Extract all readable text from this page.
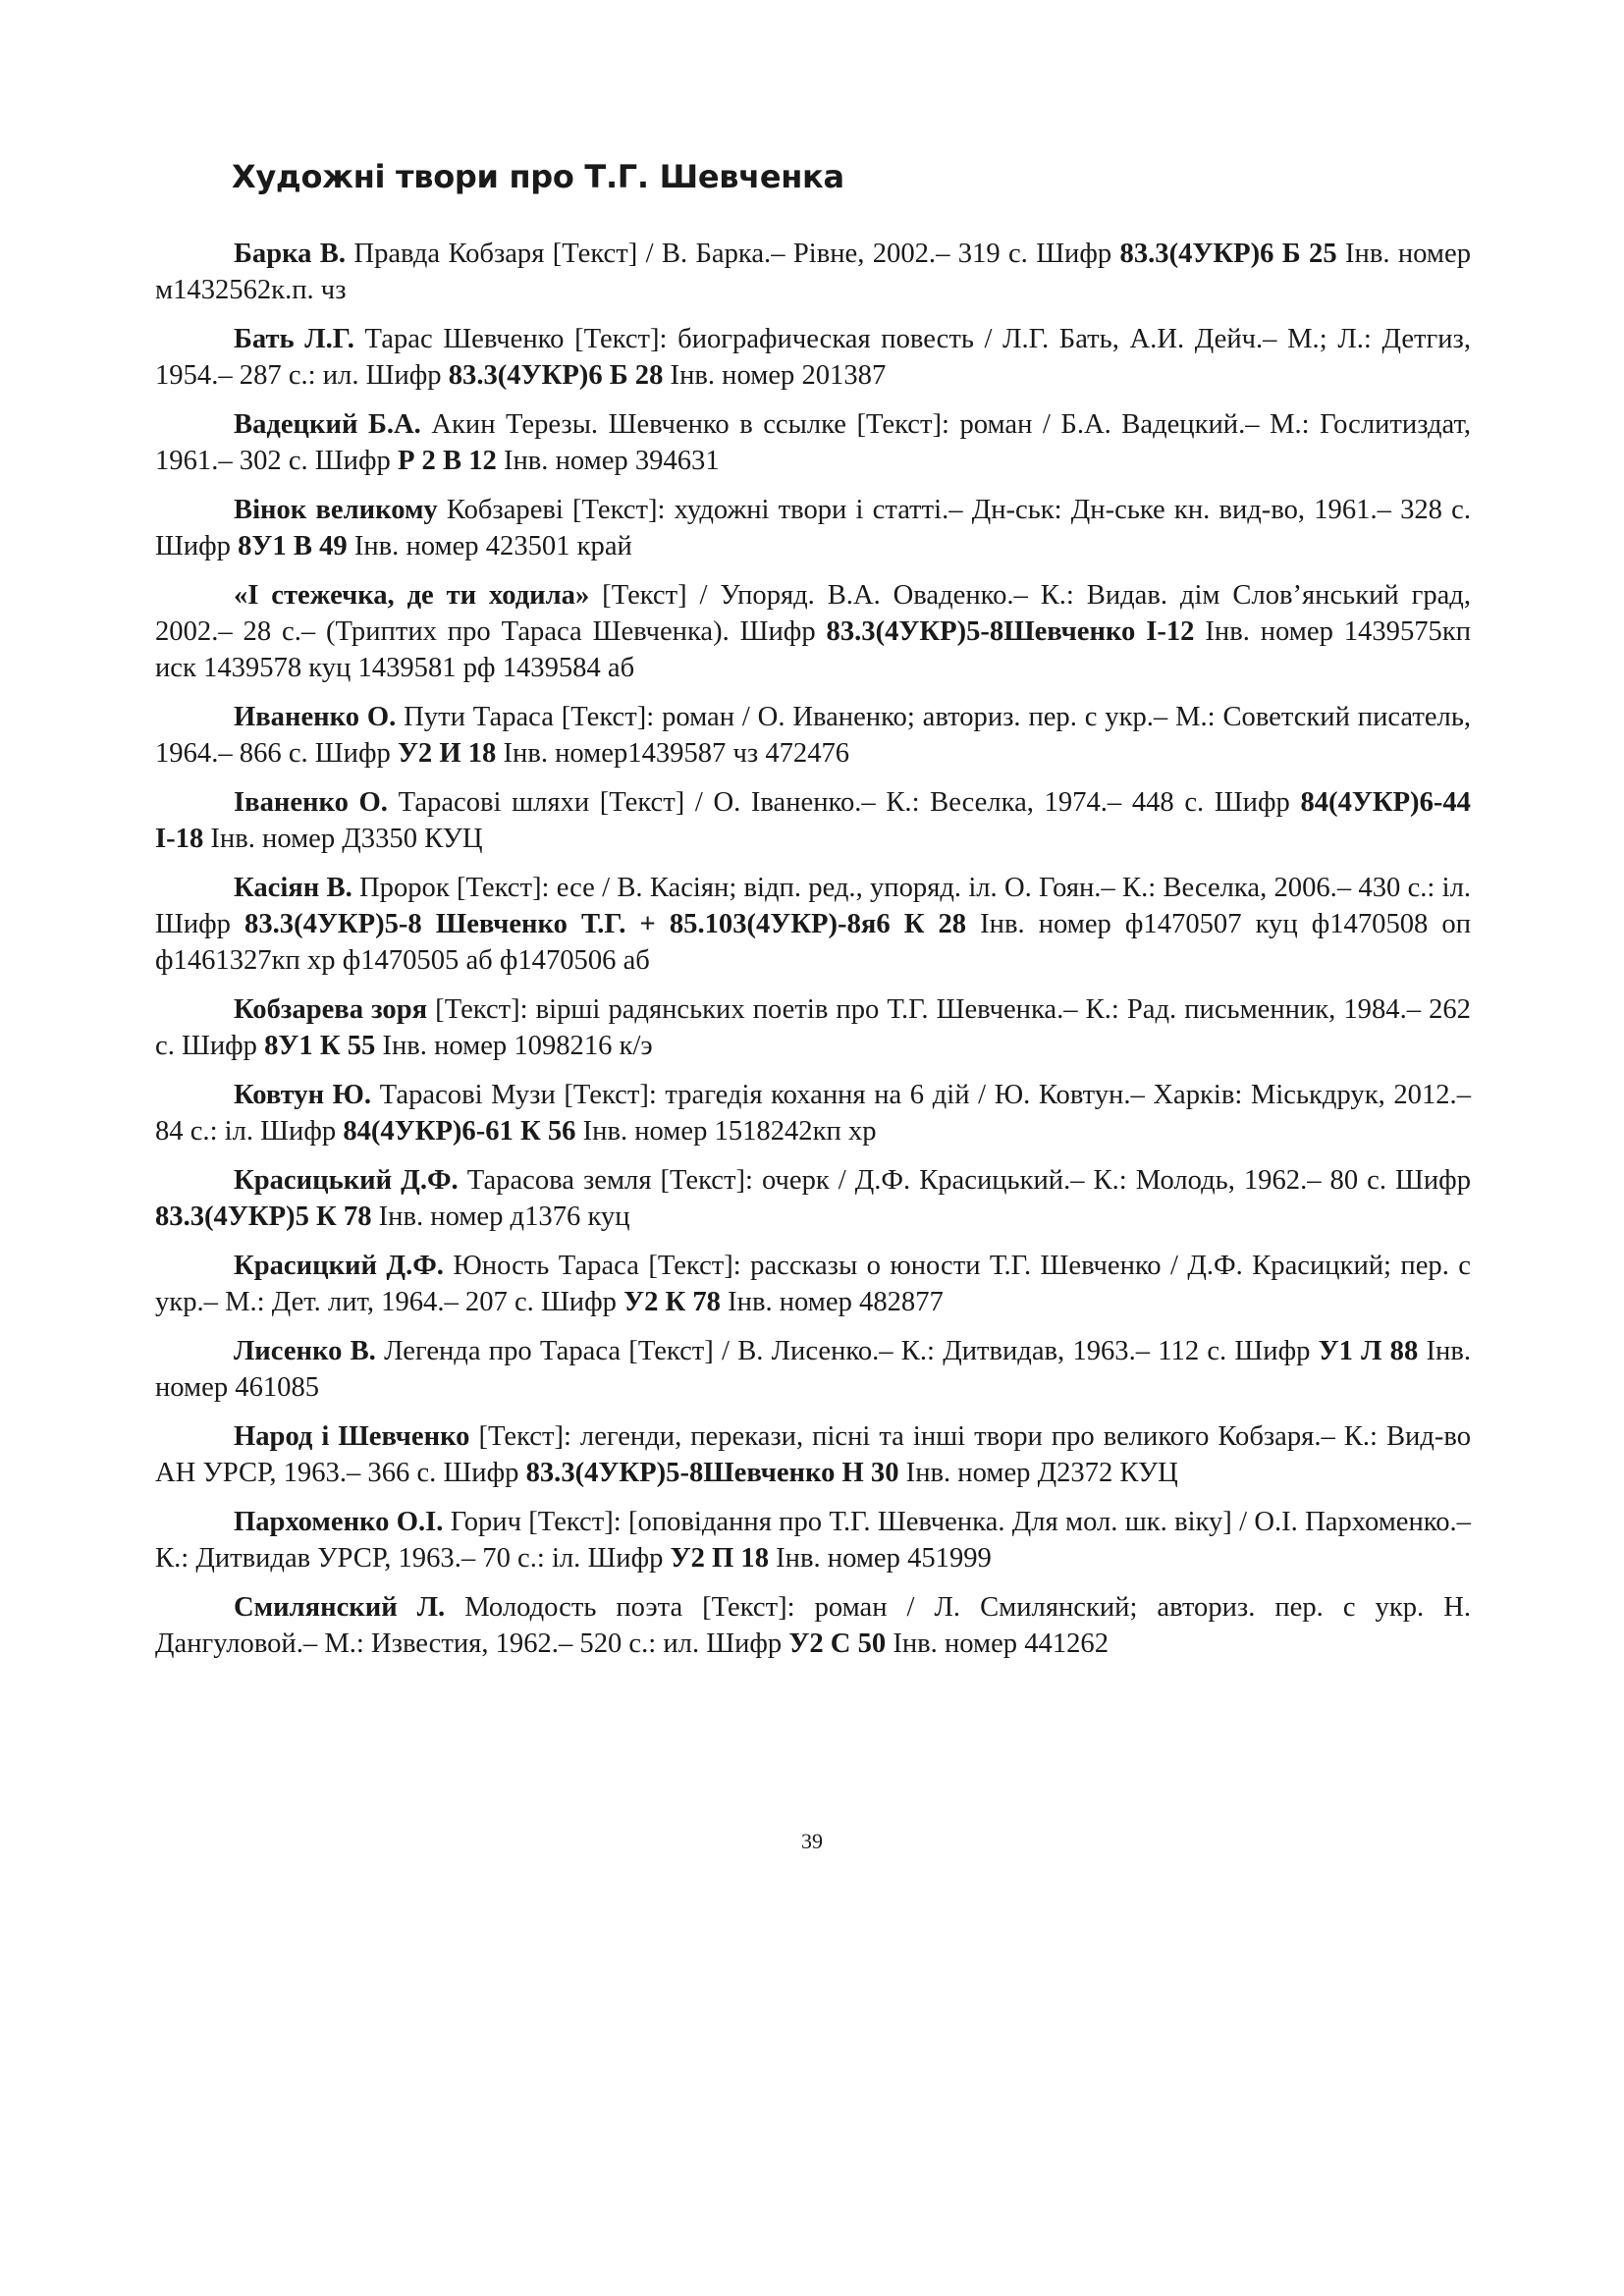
Художні твори про Т.Г. Шевченка

Барка В. Правда Кобзаря [Текст] / В. Барка.– Рівне, 2002.– 319 с. Шифр 83.3(4УКР)6 Б 25 Інв. номер м1432562к.п. чз

Бать Л.Г. Тарас Шевченко [Текст]: биографическая повесть / Л.Г. Бать, А.И. Дейч.– М.; Л.: Детгиз, 1954.– 287 с.: ил. Шифр 83.3(4УКР)6 Б 28 Інв. номер 201387

Вадецкий Б.А. Акин Терезы. Шевченко в ссылке [Текст]: роман / Б.А. Вадецкий.– М.: Гослитиздат, 1961.– 302 с. Шифр Р 2 В 12 Інв. номер 394631

Вінок великому Кобзареві [Текст]: художні твори і статті.– Дн-ськ: Дн-ське кн. вид-во, 1961.– 328 с. Шифр 8У1 В 49 Інв. номер 423501 край

«І стежечка, де ти ходила» [Текст] / Упоряд. В.А. Оваденко.– К.: Видав. дім Слов’янський град, 2002.– 28 с.– (Триптих про Тараса Шевченка). Шифр 83.3(4УКР)5-8Шевченко І-12 Інв. номер 1439575кп иск 1439578 куц 1439581 рф 1439584 аб

Иваненко О. Пути Тараса [Текст]: роман / О. Иваненко; авториз. пер. с укр.– М.: Советский писатель, 1964.– 866 с. Шифр У2 И 18 Інв. номер1439587 чз 472476

Іваненко О. Тарасові шляхи [Текст] / О. Іваненко.– К.: Веселка, 1974.– 448 с. Шифр 84(4УКР)6-44 І-18 Інв. номер Д3350 КУЦ

Касіян В. Пророк [Текст]: есе / В. Касіян; відп. ред., упоряд. іл. О. Гоян.– К.: Веселка, 2006.– 430 с.: іл. Шифр 83.3(4УКР)5-8 Шевченко Т.Г. + 85.103(4УКР)-8я6 К 28 Інв. номер ф1470507 куц ф1470508 оп ф1461327кп хр ф1470505 аб ф1470506 аб

Кобзарева зоря [Текст]: вірші радянських поетів про Т.Г. Шевченка.– К.: Рад. письменник, 1984.– 262 с. Шифр 8У1 К 55 Інв. номер 1098216 к/э

Ковтун Ю. Тарасові Музи [Текст]: трагедія кохання на 6 дій / Ю. Ковтун.– Харків: Міськдрук, 2012.– 84 с.: іл. Шифр 84(4УКР)6-61 К 56 Інв. номер 1518242кп хр

Красицький Д.Ф. Тарасова земля [Текст]: очерк / Д.Ф. Красицький.– К.: Молодь, 1962.– 80 с. Шифр 83.3(4УКР)5 К 78 Інв. номер д1376 куц

Красицкий Д.Ф. Юность Тараса [Текст]: рассказы о юности Т.Г. Шевченко / Д.Ф. Красицкий; пер. с укр.– М.: Дет. лит, 1964.– 207 с. Шифр У2 К 78 Інв. номер 482877

Лисенко В. Легенда про Тараса [Текст] / В. Лисенко.– К.: Дитвидав, 1963.– 112 с. Шифр У1 Л 88 Інв. номер 461085

Народ і Шевченко [Текст]: легенди, перекази, пісні та інші твори про великого Кобзаря.– К.: Вид-во АН УРСР, 1963.– 366 с. Шифр 83.3(4УКР)5-8Шевченко Н 30 Інв. номер Д2372 КУЦ

Пархоменко О.І. Горич [Текст]: [оповідання про Т.Г. Шевченка. Для мол. шк. віку] / О.І. Пархоменко.– К.: Дитвидав УРСР, 1963.– 70 с.: іл. Шифр У2 П 18 Інв. номер 451999

Смилянский Л. Молодость поэта [Текст]: роман / Л. Смилянский; авториз. пер. с укр. Н. Дангуловой.– М.: Известия, 1962.– 520 с.: ил. Шифр У2 С 50 Інв. номер 441262

39
